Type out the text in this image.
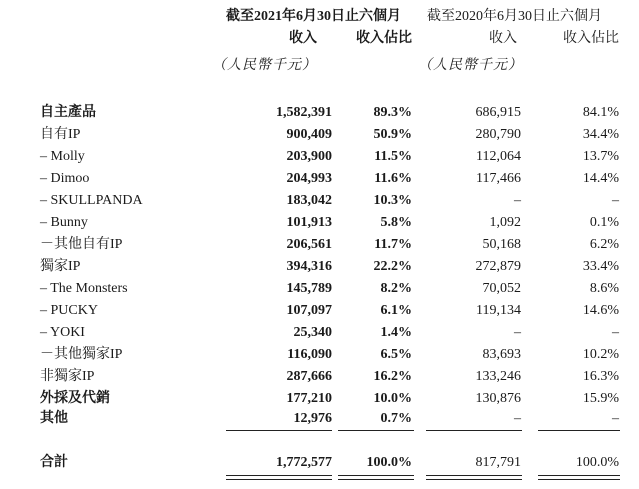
截至2021年6月30日止六個月 截至2020年6月30日止六個月
收入	收入佔比	收入	收入佔比
（人民幣千元）	（人民幣千元）
自主產品	1,582,391	89.3%	686,915	84.1%
自有IP	900,409	50.9%	280,790	34.4%
– Molly	203,900	11.5%	112,064	13.7%
– Dimoo	204,993	11.6%	117,466	14.4%
– SKULLPANDA	183,042	10.3%	–	–
– Bunny	101,913	5.8%	1,092	0.1%
－其他自有IP	206,561	11.7%	50,168	6.2%
獨家IP	394,316	22.2%	272,879	33.4%
– The Monsters	145,789	8.2%	70,052	8.6%
– PUCKY	107,097	6.1%	119,134	14.6%
– YOKI	25,340	1.4%	–	–
－其他獨家IP	116,090	6.5%	83,693	10.2%
非獨家IP	287,666	16.2%	133,246	16.3%
外採及代銷	177,210	10.0%	130,876	15.9%
其他	12,976	0.7%	–	–
合計	1,772,577 100.0%	817,791	100.0%
